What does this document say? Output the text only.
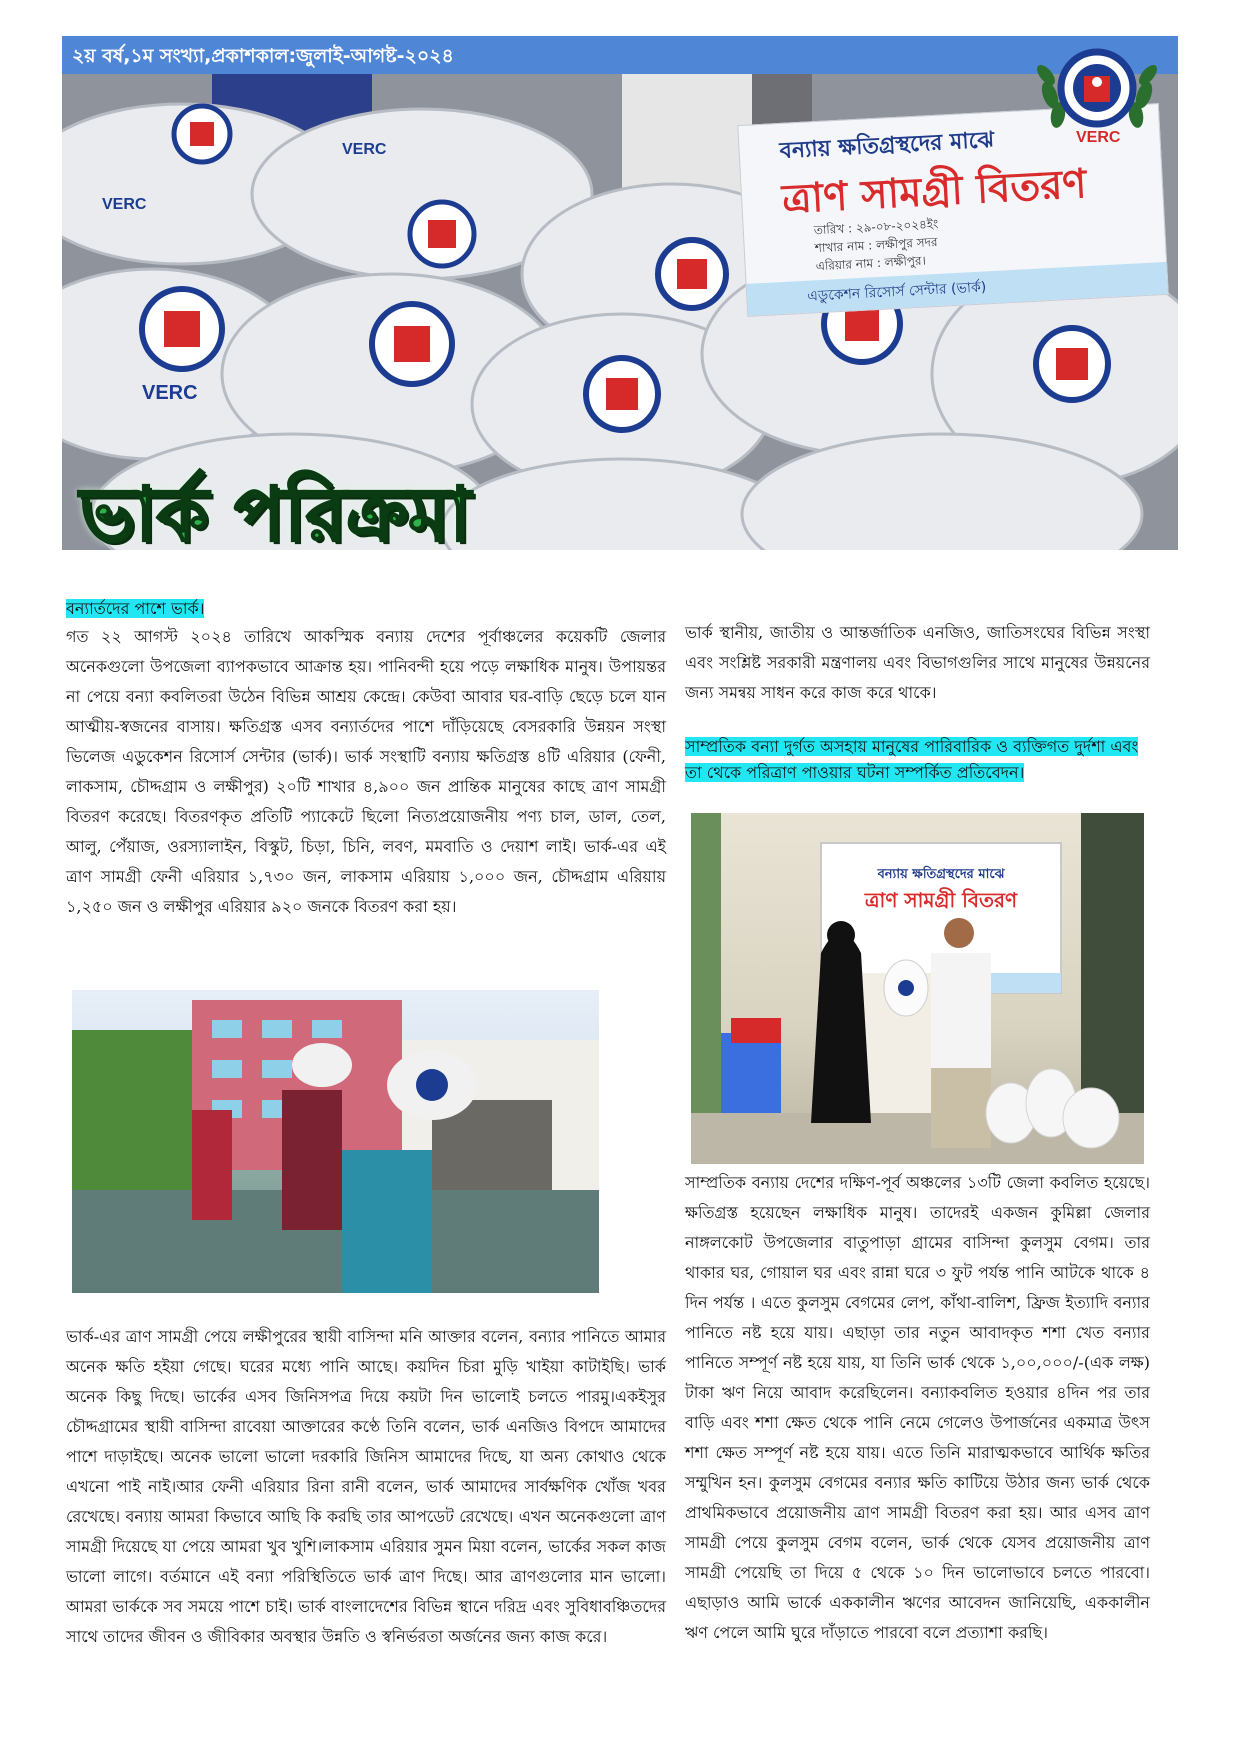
২য় বর্ষ,১ম সংখ্যা,প্রকাশকাল:জুলাই-আগষ্ট-২০২৪
VERC
VERC
VERC
বন্যায় ক্ষতিগ্রস্থদের মাঝে
ত্রাণ সামগ্রী বিতরণ
তারিখ : ২৯-০৮-২০২৪ইং
শাখার নাম : লক্ষীপুর সদর
এরিয়ার নাম : লক্ষীপুর।
এডুকেশন রিসোর্স সেন্টার (ভার্ক)
ভার্ক পরিক্রমা
VERC
বন্যার্তদের পাশে ভার্ক।

গত ২২ আগস্ট ২০২৪ তারিখে আকস্মিক বন্যায় দেশের পূর্বাঞ্চলের কয়েকটি জেলার অনেকগুলো উপজেলা ব্যাপকভাবে আক্রান্ত হয়। পানিবন্দী হয়ে পড়ে লক্ষাধিক মানুষ। উপায়ন্তর না পেয়ে বন্যা কবলিতরা উঠেন বিভিন্ন আশ্রয় কেন্দ্রে। কেউবা আবার ঘর-বাড়ি ছেড়ে চলে যান আত্মীয়-স্বজনের বাসায়। ক্ষতিগ্রস্ত এসব বন্যার্তদের পাশে দাঁড়িয়েছে বেসরকারি উন্নয়ন সংস্থা ভিলেজ এডুকেশন রিসোর্স সেন্টার (ভার্ক)। ভার্ক সংস্থাটি বন্যায় ক্ষতিগ্রস্ত ৪টি এরিয়ার (ফেনী, লাকসাম, চৌদ্দগ্রাম ও লক্ষীপুর) ২০টি শাখার ৪,৯০০ জন প্রান্তিক মানুষের কাছে ত্রাণ সামগ্রী বিতরণ করেছে। বিতরণকৃত প্রতিটি প্যাকেটে ছিলো নিত্যপ্রয়োজনীয় পণ্য চাল, ডাল, তেল, আলু, পেঁয়াজ, ওরস্যালাইন, বিস্কুট, চিড়া, চিনি, লবণ, মমবাতি ও দেয়াশ লাই। ভার্ক-এর এই ত্রাণ সামগ্রী ফেনী এরিয়ার ১,৭৩০ জন, লাকসাম এরিয়ায় ১,০০০ জন, চৌদ্দগ্রাম এরিয়ায় ১,২৫০ জন ও লক্ষীপুর এরিয়ার ৯২০ জনকে বিতরণ করা হয়।

ভার্ক-এর ত্রাণ সামগ্রী পেয়ে লক্ষীপুরের স্থায়ী বাসিন্দা মনি আক্তার বলেন, বন্যার পানিতে আমার অনেক ক্ষতি হইয়া গেছে। ঘরের মধ্যে পানি আছে। কয়দিন চিরা মুড়ি খাইয়া কাটাইছি। ভার্ক অনেক কিছু দিছে। ভার্কের এসব জিনিসপত্র দিয়ে কয়টা দিন ভালোই চলতে পারমু।একইসুর চৌদ্দগ্রামের স্থায়ী বাসিন্দা রাবেয়া আক্তারের কণ্ঠে তিনি বলেন, ভার্ক এনজিও বিপদে আমাদের পাশে দাড়াইছে। অনেক ভালো ভালো দরকারি জিনিস আমাদের দিছে, যা অন্য কোথাও থেকে এখনো পাই নাই।আর ফেনী এরিয়ার রিনা রানী বলেন, ভার্ক আমাদের সার্বক্ষণিক খোঁজ খবর রেখেছে। বন্যায় আমরা কিভাবে আছি কি করছি তার আপডেট রেখেছে। এখন অনেকগুলো ত্রাণ সামগ্রী দিয়েছে যা পেয়ে আমরা খুব খুশি।লাকসাম এরিয়ার সুমন মিয়া বলেন, ভার্কের সকল কাজ ভালো লাগে। বর্তমানে এই বন্যা পরিস্থিতিতে ভার্ক ত্রাণ দিছে। আর ত্রাণগুলোর মান ভালো। আমরা ভার্ককে সব সময়ে পাশে চাই। ভার্ক বাংলাদেশের বিভিন্ন স্থানে দরিদ্র এবং সুবিধাবঞ্চিতদের সাথে তাদের জীবন ও জীবিকার অবস্থার উন্নতি ও স্বনির্ভরতা অর্জনের জন্য কাজ করে।

ভার্ক স্থানীয়, জাতীয় ও আন্তর্জাতিক এনজিও, জাতিসংঘের বিভিন্ন সংস্থা এবং সংশ্লিষ্ট সরকারী মন্ত্রণালয় এবং বিভাগগুলির সাথে মানুষের উন্নয়নের জন্য সমন্বয় সাধন করে কাজ করে থাকে।

সাম্প্রতিক বন্যা দুর্গত অসহায় মানুষের পারিবারিক ও ব্যক্তিগত দুর্দশা এবং তা থেকে পরিত্রাণ পাওয়ার ঘটনা সম্পর্কিত প্রতিবেদন।
বন্যায় ক্ষতিগ্রস্থদের মাঝে
ত্রাণ সামগ্রী বিতরণ

সাম্প্রতিক বন্যায় দেশের দক্ষিণ-পূর্ব অঞ্চলের ১৩টি জেলা কবলিত হয়েছে। ক্ষতিগ্রস্ত হয়েছেন লক্ষাধিক মানুষ। তাদেরই একজন কুমিল্লা জেলার নাঙ্গলকোট উপজেলার বাতুপাড়া গ্রামের বাসিন্দা কুলসুম বেগম। তার থাকার ঘর, গোয়াল ঘর এবং রান্না ঘরে ৩ ফুট পর্যন্ত পানি আটকে থাকে ৪ দিন পর্যন্ত । এতে কুলসুম বেগমের লেপ, কাঁথা-বালিশ, ফ্রিজ ইত্যাদি বন্যার পানিতে নষ্ট হয়ে যায়। এছাড়া তার নতুন আবাদকৃত শশা খেত বন্যার পানিতে সম্পূর্ণ নষ্ট হয়ে যায়, যা তিনি ভার্ক থেকে ১,০০,০০০/-(এক লক্ষ) টাকা ঋণ নিয়ে আবাদ করেছিলেন। বন্যাকবলিত হওয়ার ৪দিন পর তার বাড়ি এবং শশা ক্ষেত থেকে পানি নেমে গেলেও উপার্জনের একমাত্র উৎস শশা ক্ষেত সম্পূর্ণ নষ্ট হয়ে যায়। এতে তিনি মারাত্মকভাবে আর্থিক ক্ষতির সম্মুখিন হন। কুলসুম বেগমের বন্যার ক্ষতি কাটিয়ে উঠার জন্য ভার্ক থেকে প্রাথমিকভাবে প্রয়োজনীয় ত্রাণ সামগ্রী বিতরণ করা হয়। আর এসব ত্রাণ সামগ্রী পেয়ে কুলসুম বেগম বলেন, ভার্ক থেকে যেসব প্রয়োজনীয় ত্রাণ সামগ্রী পেয়েছি তা দিয়ে ৫ থেকে ১০ দিন ভালোভাবে চলতে পারবো। এছাড়াও আমি ভার্কে এককালীন ঋণের আবেদন জানিয়েছি, এককালীন ঋণ পেলে আমি ঘুরে দাঁড়াতে পারবো বলে প্রত্যাশা করছি।
